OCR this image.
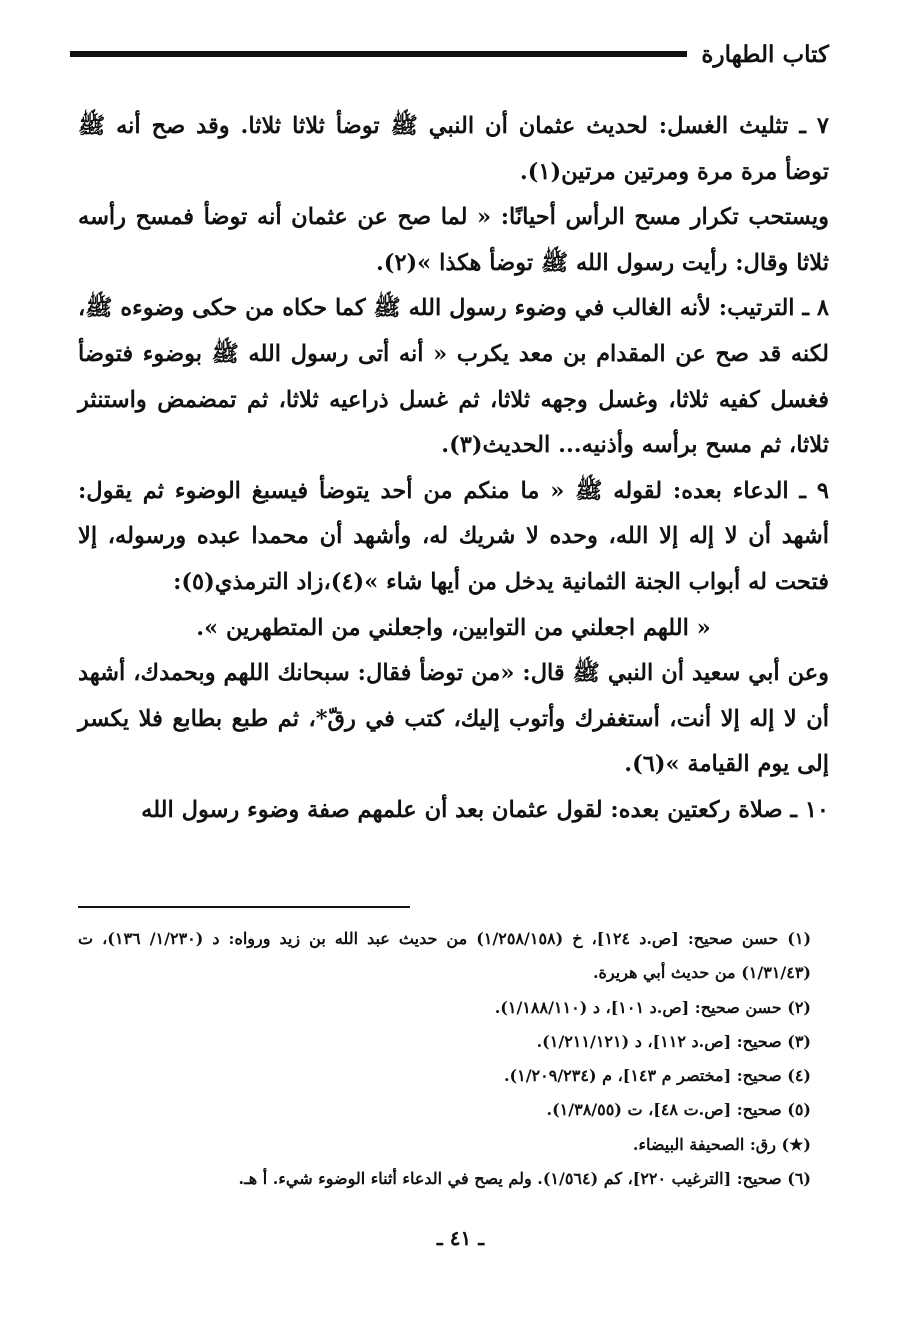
كتاب الطهارة

٧ ـ تثليث الغسل: لحديث عثمان أن النبي ﷺ توضأ ثلاثا ثلاثا. وقد صح أنه ﷺ توضأ مرة مرة ومرتين مرتين(١).

ويستحب تكرار مسح الرأس أحيانًا: « لما صح عن عثمان أنه توضأ فمسح رأسه ثلاثا وقال: رأيت رسول الله ﷺ توضأ هكذا »(٢).

٨ ـ الترتيب: لأنه الغالب في وضوء رسول الله ﷺ كما حكاه من حكى وضوءه ﷺ، لكنه قد صح عن المقدام بن معد يكرب « أنه أتى رسول الله ﷺ بوضوء فتوضأ فغسل كفيه ثلاثا، وغسل وجهه ثلاثا، ثم غسل ذراعيه ثلاثا، ثم تمضمض واستنثر ثلاثا، ثم مسح برأسه وأذنيه... الحديث(٣).

٩ ـ الدعاء بعده: لقوله ﷺ « ما منكم من أحد يتوضأ فيسبغ الوضوء ثم يقول: أشهد أن لا إله إلا الله، وحده لا شريك له، وأشهد أن محمدا عبده ورسوله، إلا فتحت له أبواب الجنة الثمانية يدخل من أيها شاء »(٤)،زاد الترمذي(٥):

« اللهم اجعلني من التوابين، واجعلني من المتطهرين ».

وعن أبي سعيد أن النبي ﷺ قال: «من توضأ فقال: سبحانك اللهم وبحمدك، أشهد أن لا إله إلا أنت، أستغفرك وأتوب إليك، كتب في رقّ*، ثم طبع بطابع فلا يكسر إلى يوم القيامة »(٦).

١٠ ـ صلاة ركعتين بعده: لقول عثمان بعد أن علمهم صفة وضوء رسول الله

(١) حسن صحيح: [ص.د ١٢٤]، خ (١/٢٥٨/١٥٨) من حديث عبد الله بن زيد ورواه: د (١/٢٣٠/ ١٣٦)، ت (١/٣١/٤٣) من حديث أبي هريرة.

(٢) حسن صحيح: [ص.د ١٠١]، د (١/١٨٨/١١٠).

(٣) صحيح: [ص.د ١١٢]، د (١/٢١١/١٢١).

(٤) صحيح: [مختصر م ١٤٣]، م (١/٢٠٩/٢٣٤).

(٥) صحيح: [ص.ت ٤٨]، ت (١/٣٨/٥٥).

(★) رق: الصحيفة البيضاء.

(٦) صحيح: [الترغيب ٢٢٠]، كم (١/٥٦٤). ولم يصح في الدعاء أثناء الوضوء شيء. أ هـ.

ـ ٤١ ـ
